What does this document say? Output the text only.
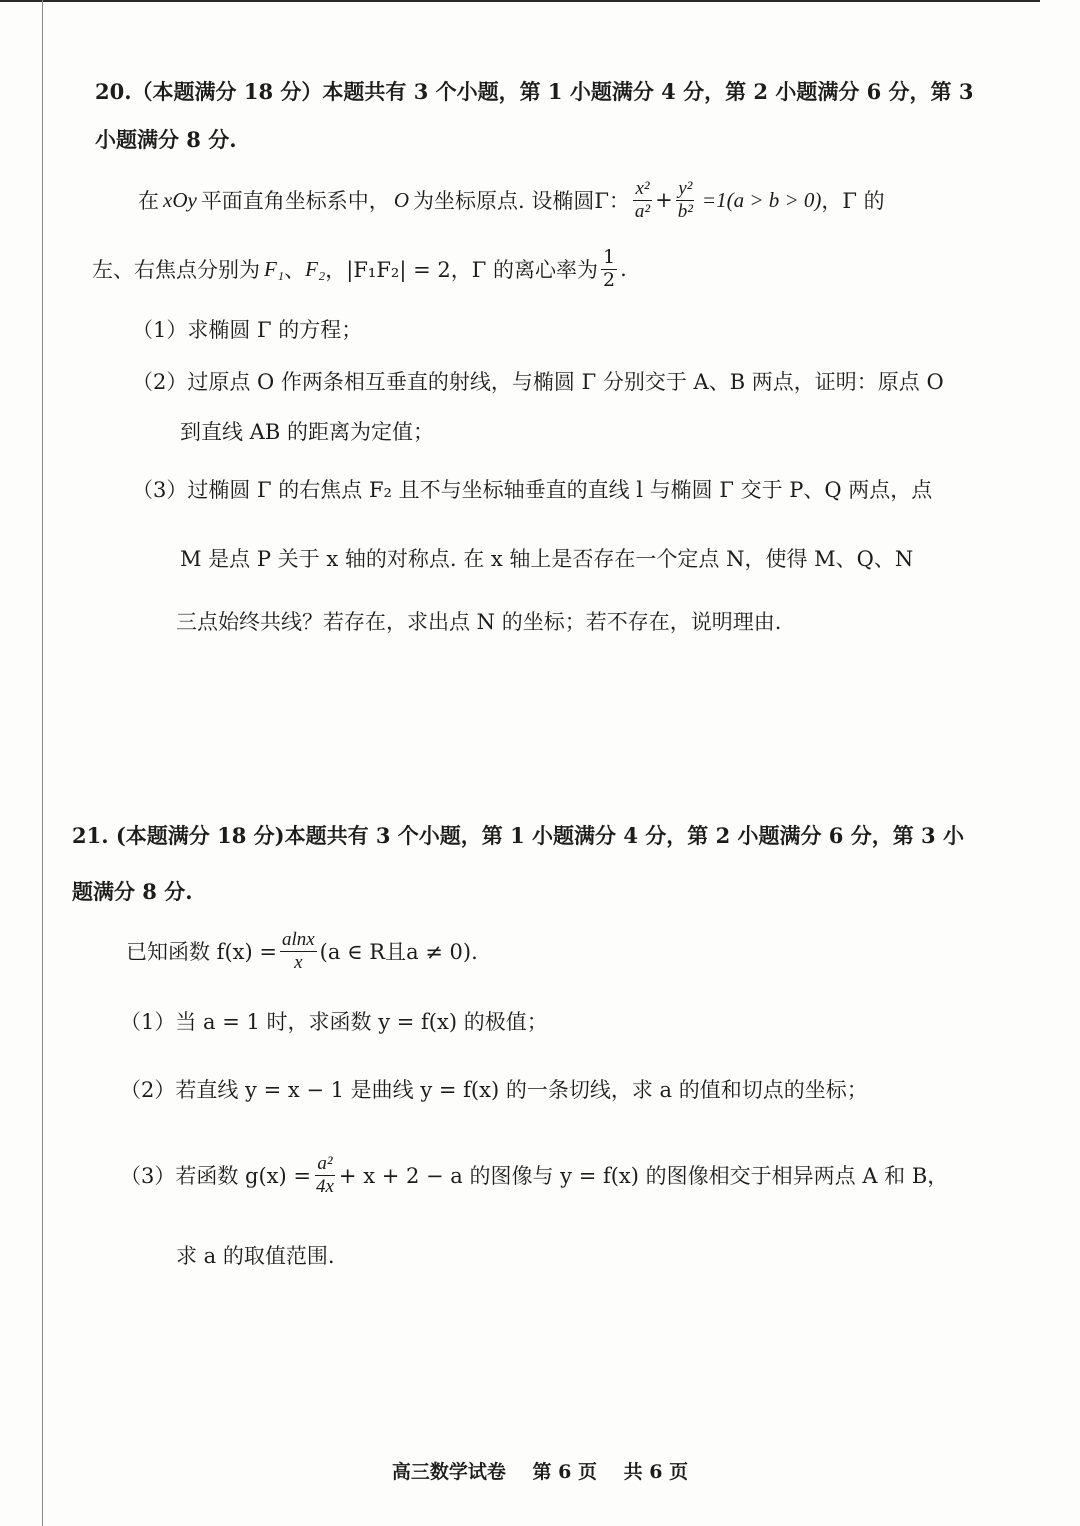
20.（本题满分 18 分）本题共有 3 个小题，第 1 小题满分 4 分，第 2 小题满分 6 分，第 3
小题满分 8 分.
在 xOy 平面直角坐标系中， O 为坐标原点. 设椭圆Γ： $\frac{\text{x²}}{\text{a²}} + \frac{\text{y²}}{\text{b²}} =1(a > b > 0)$ ，Γ 的
左、右焦点分别为 F₁ 、 F₂ ，|F₁F₂| = 2，Γ 的离心率为 $\frac{1}{2}$ .
（1）求椭圆 Γ 的方程；
（2）过原点 O 作两条相互垂直的射线，与椭圆 Γ 分别交于 A、B 两点，证明：原点 O
到直线 AB 的距离为定值；
（3）过椭圆 Γ 的右焦点 F₂ 且不与坐标轴垂直的直线 l 与椭圆 Γ 交于 P、Q 两点，点
M 是点 P 关于 x 轴的对称点. 在 x 轴上是否存在一个定点 N，使得 M、Q、N
三点始终共线？若存在，求出点 N 的坐标；若不存在，说明理由.
21. (本题满分 18 分)本题共有 3 个小题，第 1 小题满分 4 分，第 2 小题满分 6 分，第 3 小
题满分 8 分.
已知函数 $f(x) = \frac{alnx}{x} (a$ ∈ R且a ≠ 0).
（1）当 a = 1 时，求函数 y = f(x) 的极值；
（2）若直线 y = x − 1 是曲线 y = f(x) 的一条切线，求 a 的值和切点的坐标；
（3）若函数 $g(x) = \frac{\text{a²}}{4x} + x + 2 - a$ 的图像与 y = f(x) 的图像相交于相异两点 A 和 B，
求 a 的取值范围.
高三数学试卷 第 6 页 共 6 页
